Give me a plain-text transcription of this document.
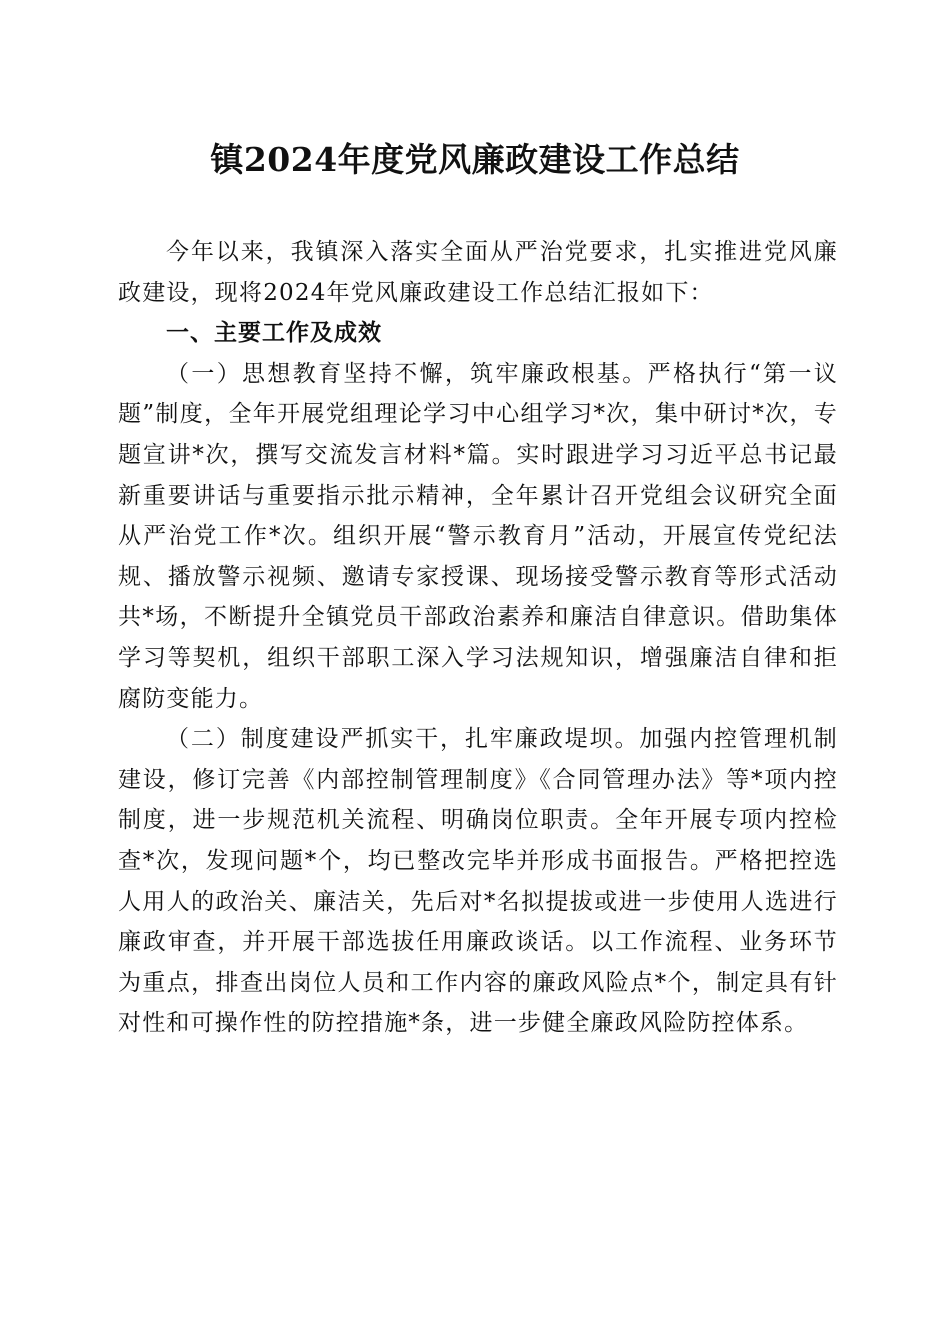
镇2024年度党风廉政建设工作总结

今年以来，我镇深入落实全面从严治党要求，扎实推进党风廉政建设，现将2024年党风廉政建设工作总结汇报如下：

一、主要工作及成效

（一）思想教育坚持不懈，筑牢廉政根基。严格执行“第一议题”制度，全年开展党组理论学习中心组学习*次，集中研讨*次，专题宣讲*次，撰写交流发言材料*篇。实时跟进学习习近平总书记最新重要讲话与重要指示批示精神，全年累计召开党组会议研究全面从严治党工作*次。组织开展“警示教育月”活动，开展宣传党纪法规、播放警示视频、邀请专家授课、现场接受警示教育等形式活动共*场，不断提升全镇党员干部政治素养和廉洁自律意识。借助集体学习等契机，组织干部职工深入学习法规知识，增强廉洁自律和拒腐防变能力。

（二）制度建设严抓实干，扎牢廉政堤坝。加强内控管理机制建设，修订完善《内部控制管理制度》《合同管理办法》等*项内控制度，进一步规范机关流程、明确岗位职责。全年开展专项内控检查*次，发现问题*个，均已整改完毕并形成书面报告。严格把控选人用人的政治关、廉洁关，先后对*名拟提拔或进一步使用人选进行廉政审查，并开展干部选拔任用廉政谈话。以工作流程、业务环节为重点，排查出岗位人员和工作内容的廉政风险点*个，制定具有针对性和可操作性的防控措施*条，进一步健全廉政风险防控体系。
